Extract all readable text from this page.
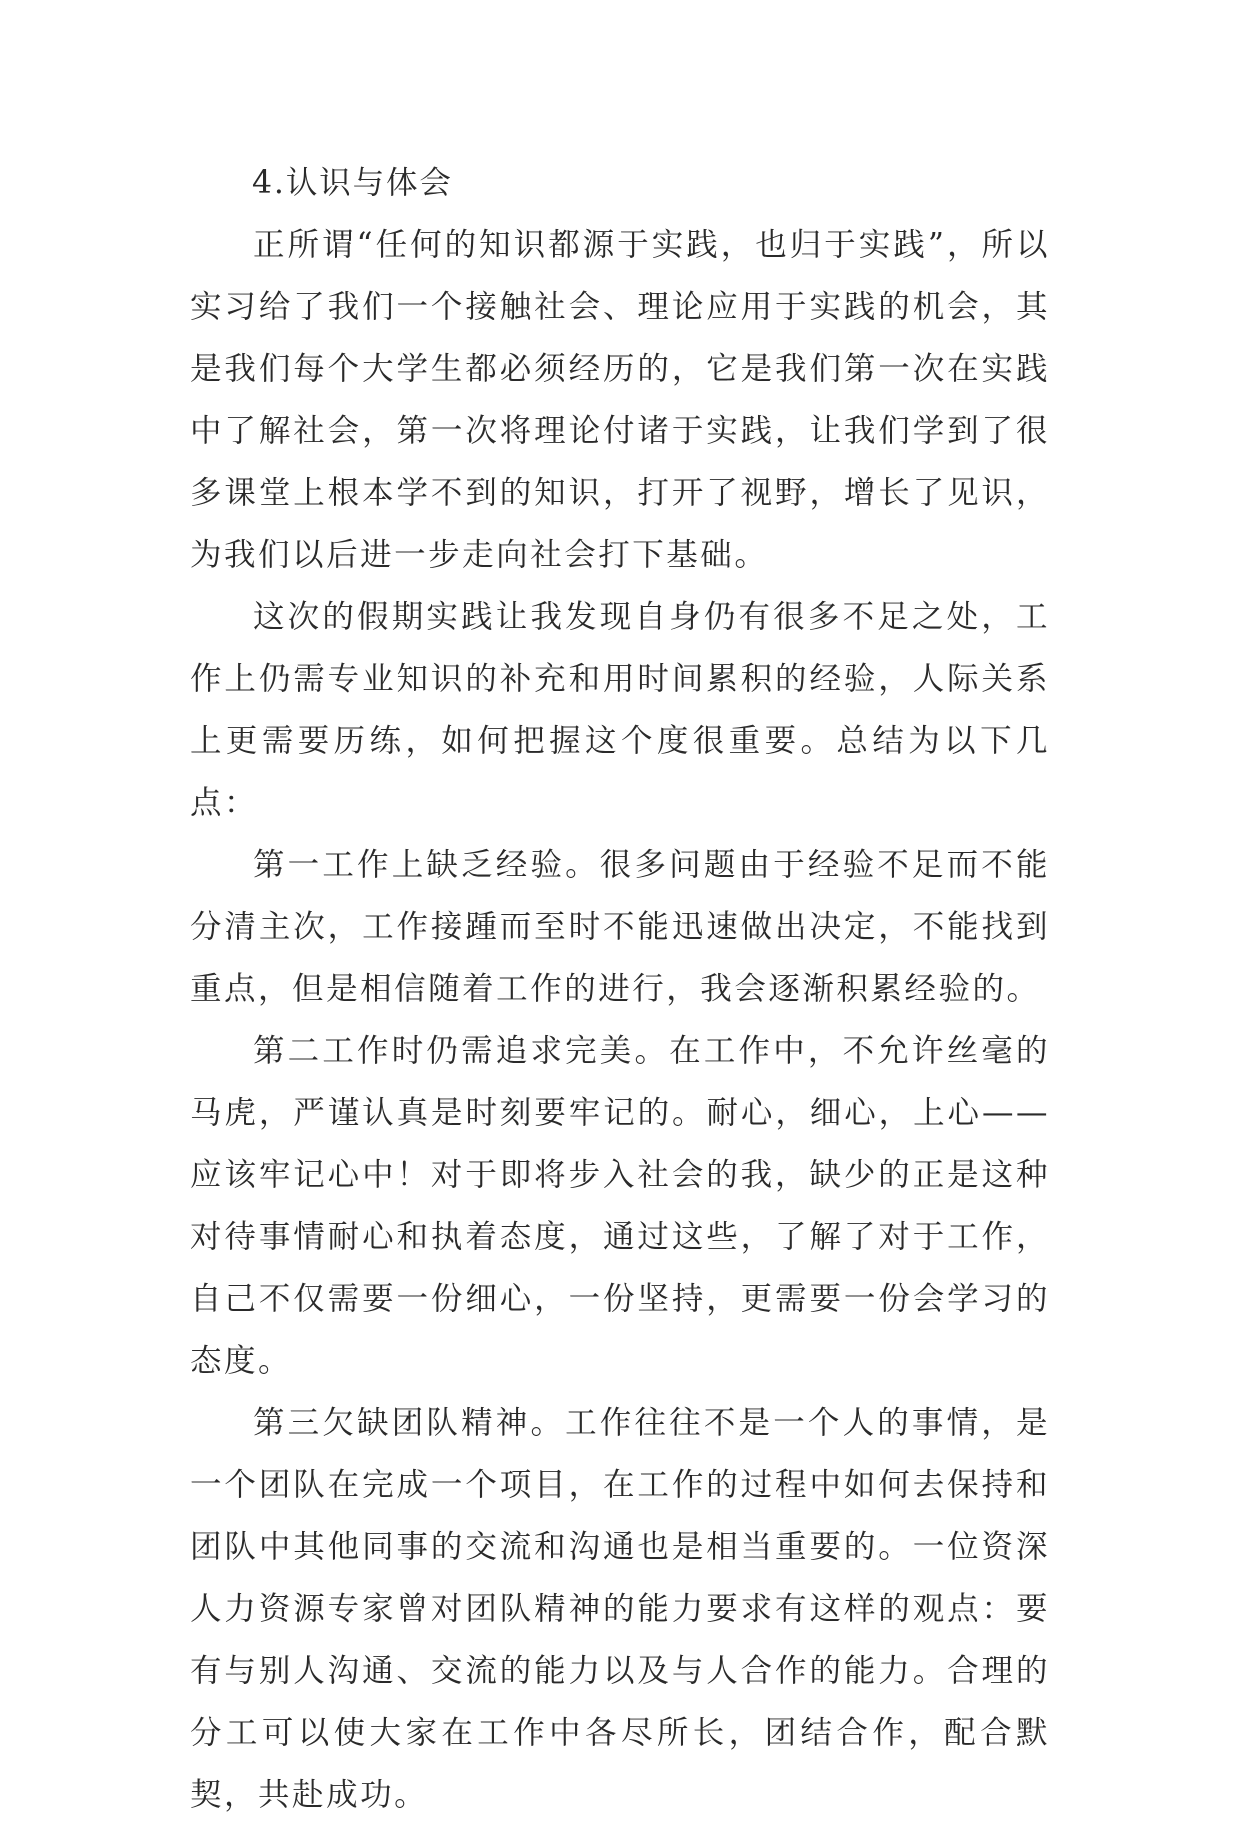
4.认识与体会

正所谓“任何的知识都源于实践，也归于实践”，所以实习给了我们一个接触社会、理论应用于实践的机会，其是我们每个大学生都必须经历的，它是我们第一次在实践中了解社会，第一次将理论付诸于实践，让我们学到了很多课堂上根本学不到的知识，打开了视野，增长了见识，为我们以后进一步走向社会打下基础。

这次的假期实践让我发现自身仍有很多不足之处，工作上仍需专业知识的补充和用时间累积的经验，人际关系上更需要历练，如何把握这个度很重要。总结为以下几点：

第一工作上缺乏经验。很多问题由于经验不足而不能分清主次，工作接踵而至时不能迅速做出决定，不能找到重点，但是相信随着工作的进行，我会逐渐积累经验的。

第二工作时仍需追求完美。在工作中，不允许丝毫的马虎，严谨认真是时刻要牢记的。耐心，细心，上心——应该牢记心中！对于即将步入社会的我，缺少的正是这种对待事情耐心和执着态度，通过这些，了解了对于工作，自己不仅需要一份细心，一份坚持，更需要一份会学习的态度。

第三欠缺团队精神。工作往往不是一个人的事情，是一个团队在完成一个项目，在工作的过程中如何去保持和团队中其他同事的交流和沟通也是相当重要的。一位资深人力资源专家曾对团队精神的能力要求有这样的观点：要有与别人沟通、交流的能力以及与人合作的能力。合理的分工可以使大家在工作中各尽所长，团结合作，配合默契，共赴成功。
